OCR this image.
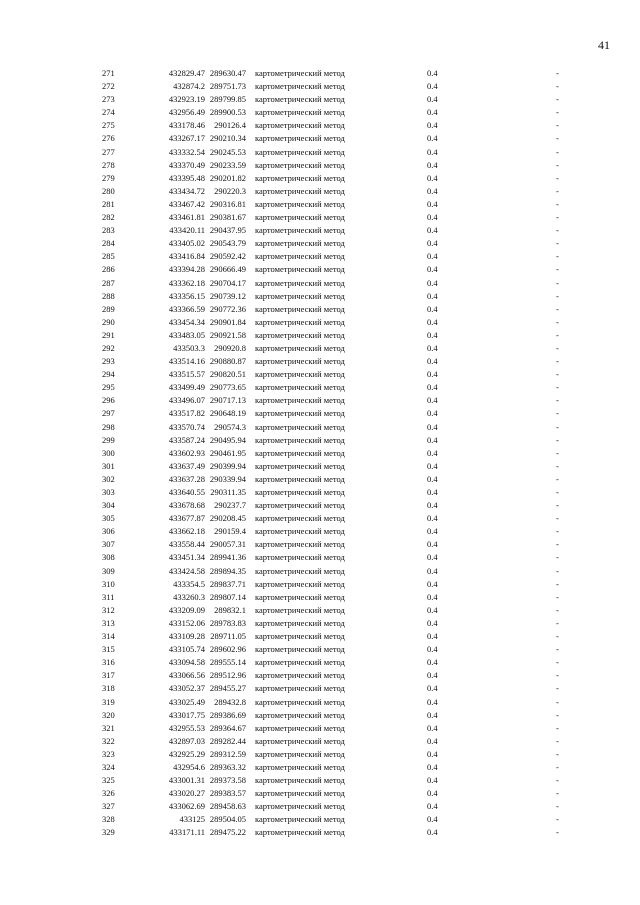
41
271	432829.47 289630.47 картометрический метод	0.4	-
272	432874.2 289751.73 картометрический метод	0.4	-
273	432923.19 289799.85 картометрический метод	0.4	-
274	432956.49 289900.53 картометрический метод	0.4	-
275	433178.46	290126.4 картометрический метод	0.4	-
276	433267.17 290210.34 картометрический метод	0.4	-
277	433332.54 290245.53 картометрический метод	0.4	-
278	433370.49 290233.59 картометрический метод	0.4	-
279	433395.48 290201.82 картометрический метод	0.4	-
280	433434.72	290220.3 картометрический метод	0.4	-
281	433467.42 290316.81 картометрический метод	0.4	-
282	433461.81 290381.67 картометрический метод	0.4	-
283	433420.11 290437.95 картометрический метод	0.4	-
284	433405.02 290543.79 картометрический метод	0.4	-
285	433416.84 290592.42 картометрический метод	0.4	-
286	433394.28 290666.49 картометрический метод	0.4	-
287	433362.18 290704.17 картометрический метод	0.4	-
288	433356.15 290739.12 картометрический метод	0.4	-
289	433366.59 290772.36 картометрический метод	0.4	-
290	433454.34 290901.84 картометрический метод	0.4	-
291	433483.05 290921.58 картометрический метод	0.4	-
292	433503.3	290920.8 картометрический метод	0.4	-
293	433514.16 290880.87 картометрический метод	0.4	-
294	433515.57 290820.51 картометрический метод	0.4	-
295	433499.49 290773.65 картометрический метод	0.4	-
296	433496.07 290717.13 картометрический метод	0.4	-
297	433517.82 290648.19 картометрический метод	0.4	-
298	433570.74	290574.3 картометрический метод	0.4	-
299	433587.24 290495.94 картометрический метод	0.4	-
300	433602.93 290461.95 картометрический метод	0.4	-
301	433637.49 290399.94 картометрический метод	0.4	-
302	433637.28 290339.94 картометрический метод	0.4	-
303	433640.55 290311.35 картометрический метод	0.4	-
304	433678.68	290237.7 картометрический метод	0.4	-
305	433677.87 290208.45 картометрический метод	0.4	-
306	433662.18	290159.4 картометрический метод	0.4	-
307	433558.44 290057.31 картометрический метод	0.4	-
308	433451.34 289941.36 картометрический метод	0.4	-
309	433424.58 289894.35 картометрический метод	0.4	-
310	433354.5 289837.71 картометрический метод	0.4	-
311	433260.3 289807.14 картометрический метод	0.4	-
312	433209.09	289832.1 картометрический метод	0.4	-
313	433152.06 289783.83 картометрический метод	0.4	-
314	433109.28 289711.05 картометрический метод	0.4	-
315	433105.74 289602.96 картометрический метод	0.4	-
316	433094.58 289555.14 картометрический метод	0.4	-
317	433066.56 289512.96 картометрический метод	0.4	-
318	433052.37 289455.27 картометрический метод	0.4	-
319	433025.49	289432.8 картометрический метод	0.4	-
320	433017.75 289386.69 картометрический метод	0.4	-
321	432955.53 289364.67 картометрический метод	0.4	-
322	432897.03 289282.44 картометрический метод	0.4	-
323	432925.29 289312.59 картометрический метод	0.4	-
324	432954.6 289363.32 картометрический метод	0.4	-
325	433001.31 289373.58 картометрический метод	0.4	-
326	433020.27 289383.57 картометрический метод	0.4	-
327	433062.69 289458.63 картометрический метод	0.4	-
328	433125 289504.05 картометрический метод	0.4	-
329	433171.11 289475.22 картометрический метод	0.4	-
